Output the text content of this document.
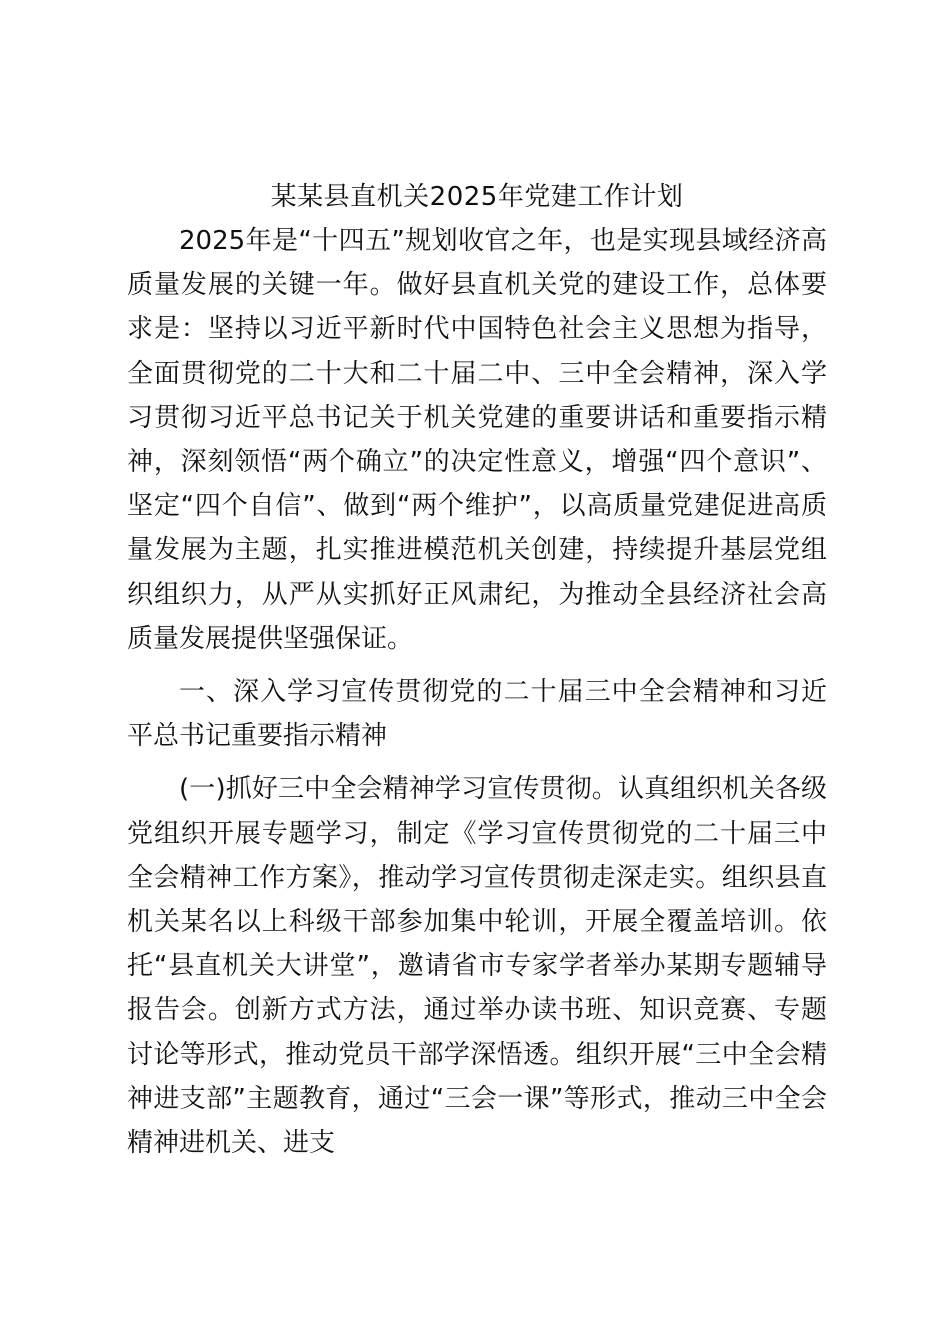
某某县直机关2025年党建工作计划

2025年是“十四五”规划收官之年，也是实现县域经济高质量发展的关键一年。做好县直机关党的建设工作，总体要求是：坚持以习近平新时代中国特色社会主义思想为指导，全面贯彻党的二十大和二十届二中、三中全会精神，深入学习贯彻习近平总书记关于机关党建的重要讲话和重要指示精神，深刻领悟“两个确立”的决定性意义，增强“四个意识”、坚定“四个自信”、做到“两个维护”，以高质量党建促进高质量发展为主题，扎实推进模范机关创建，持续提升基层党组织组织力，从严从实抓好正风肃纪，为推动全县经济社会高质量发展提供坚强保证。

一、深入学习宣传贯彻党的二十届三中全会精神和习近平总书记重要指示精神

(一)抓好三中全会精神学习宣传贯彻。认真组织机关各级党组织开展专题学习，制定《学习宣传贯彻党的二十届三中全会精神工作方案》，推动学习宣传贯彻走深走实。组织县直机关某名以上科级干部参加集中轮训，开展全覆盖培训。依托“县直机关大讲堂”，邀请省市专家学者举办某期专题辅导报告会。创新方式方法，通过举办读书班、知识竞赛、专题讨论等形式，推动党员干部学深悟透。组织开展“三中全会精神进支部”主题教育，通过“三会一课”等形式，推动三中全会精神进机关、进支
